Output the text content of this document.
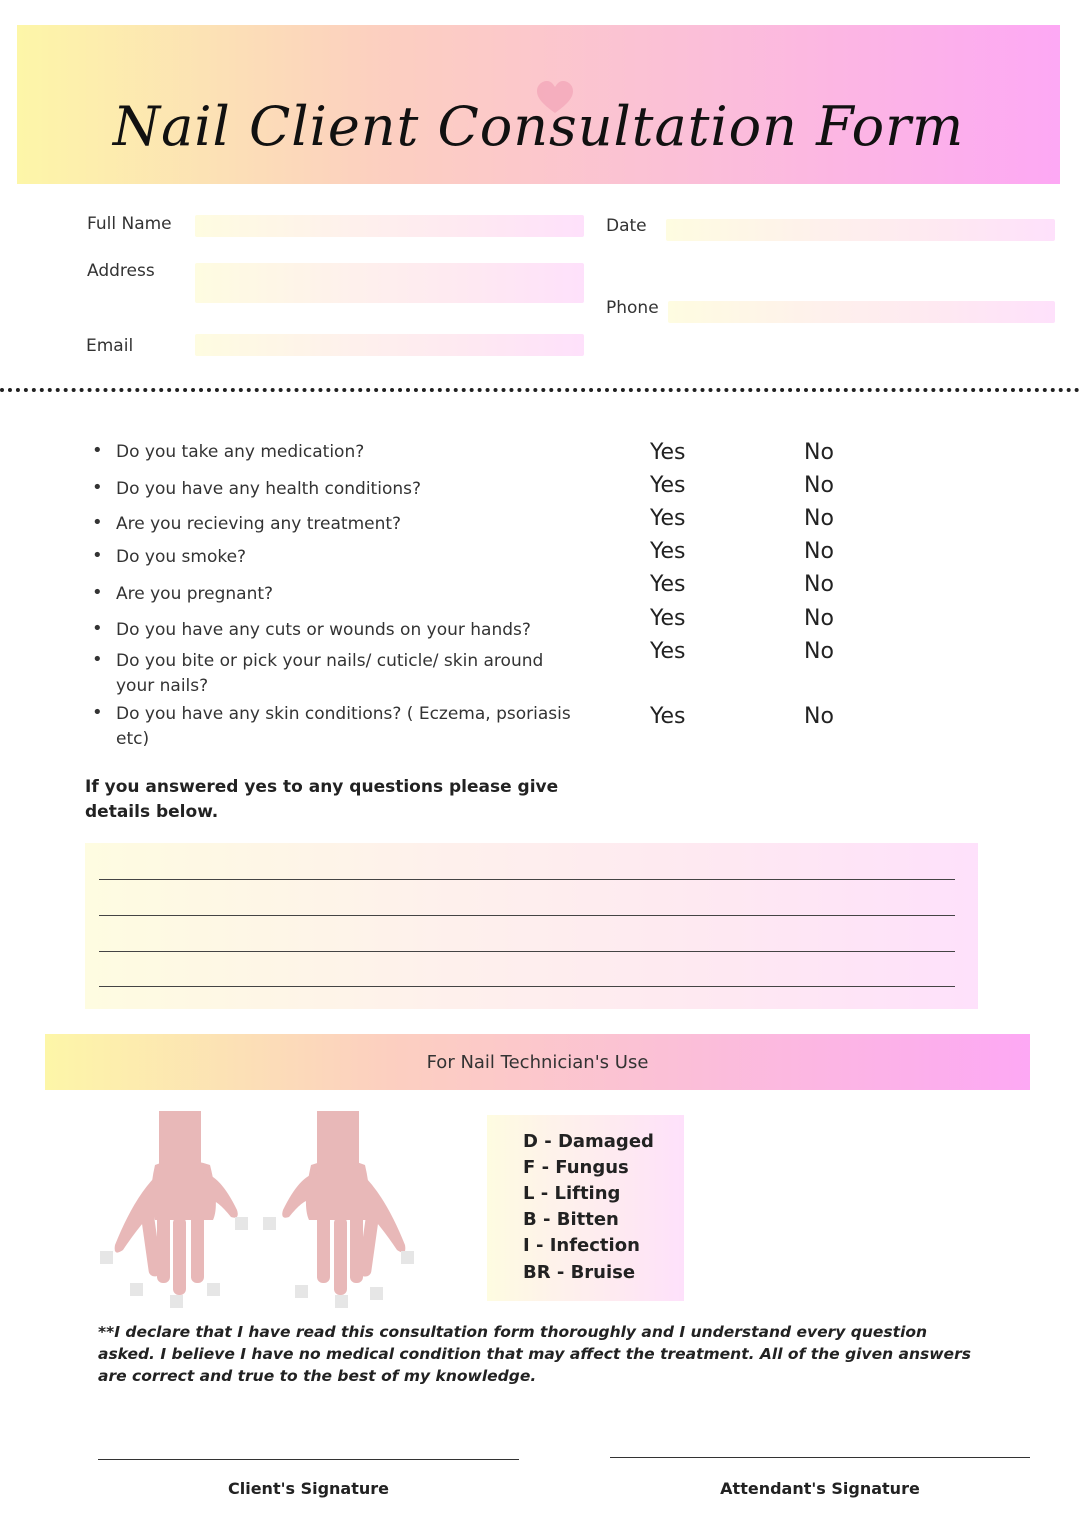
Nail Client Consultation Form
Full Name	Date
Address
Phone
Email
• Do you take any medication?	Yes	No
• Do you have any health conditions?	Yes	No
• Are you recieving any treatment?	Yes	No
• Do you smoke?	Yes	No
• Are you pregnant?	Yes	No
• Do you have any cuts or wounds on your hands?	Yes	No
• Do you bite or pick your nails/ cuticle/ skin around your nails?
Yes	No
• Do you have any skin conditions? ( Eczema, psoriasis etc)
Yes	No
If you answered yes to any questions please give details below.
For Nail Technician's Use
D - Damaged
F - Fungus
L - Lifting
B - Bitten
I - Infection
BR - Bruise
**I declare that I have read this consultation form thoroughly and I understand every question asked. I believe I have no medical condition that may affect the treatment. All of the given answers are correct and true to the best of my knowledge.
Client's Signature	Attendant's Signature
